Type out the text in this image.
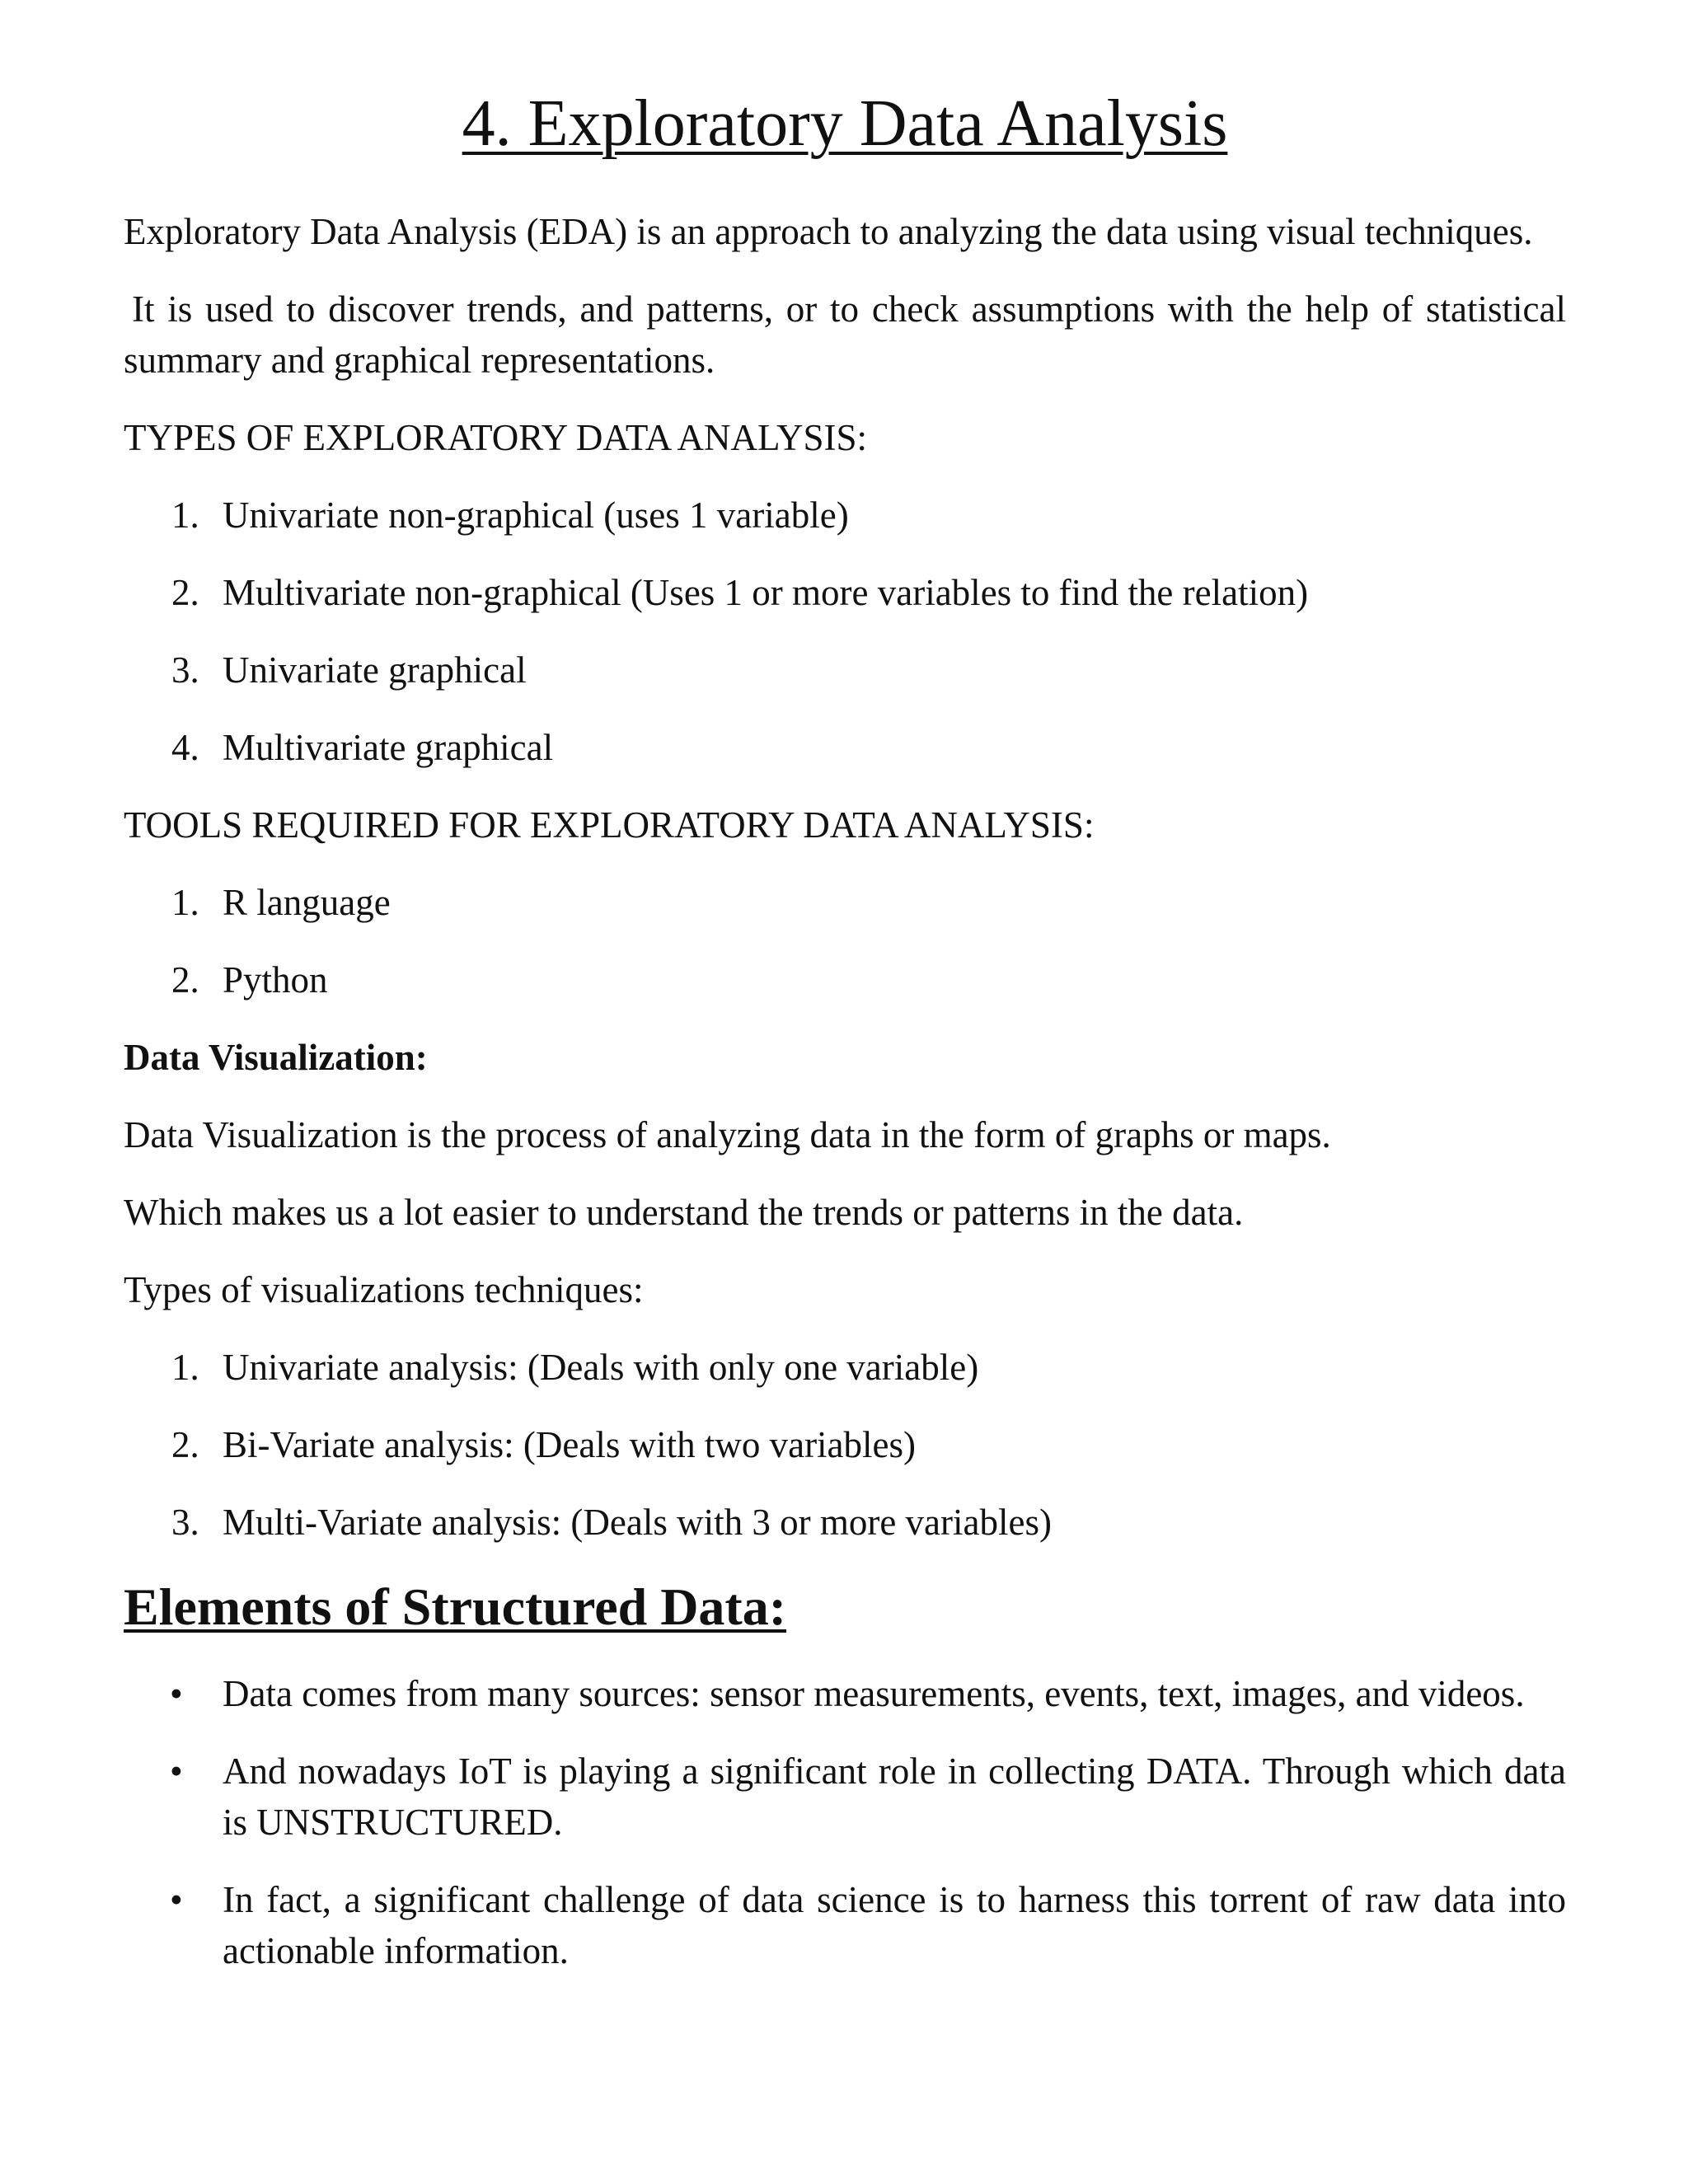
4. Exploratory Data Analysis

Exploratory Data Analysis (EDA) is an approach to analyzing the data using visual techniques.

It is used to discover trends, and patterns, or to check assumptions with the help of statistical summary and graphical representations.

TYPES OF EXPLORATORY DATA ANALYSIS:

1. Univariate non-graphical (uses 1 variable)
2. Multivariate non-graphical (Uses 1 or more variables to find the relation)
3. Univariate graphical
4. Multivariate graphical

TOOLS REQUIRED FOR EXPLORATORY DATA ANALYSIS:

1. R language
2. Python

Data Visualization:

Data Visualization is the process of analyzing data in the form of graphs or maps.

Which makes us a lot easier to understand the trends or patterns in the data.

Types of visualizations techniques:

1. Univariate analysis: (Deals with only one variable)
2. Bi-Variate analysis: (Deals with two variables)
3. Multi-Variate analysis: (Deals with 3 or more variables)
Elements of Structured Data:
• Data comes from many sources: sensor measurements, events, text, images, and videos.
• And nowadays IoT is playing a significant role in collecting DATA. Through which data is UNSTRUCTURED.
• In fact, a significant challenge of data science is to harness this torrent of raw data into actionable information.
